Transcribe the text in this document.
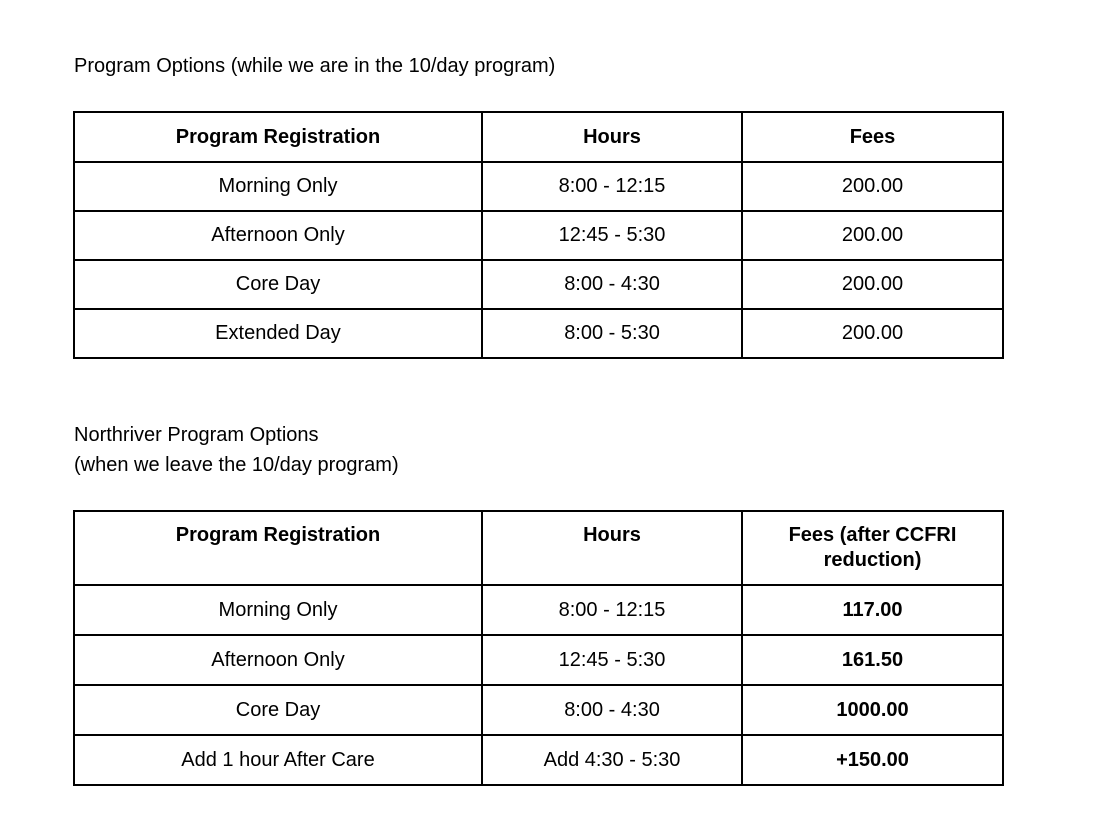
Program Options (while we are in the 10/day program)

Program Registration	Hours	Fees
Morning Only	8:00 - 12:15	200.00
Afternoon Only	12:45 - 5:30	200.00
Core Day	8:00 - 4:30	200.00
Extended Day	8:00 - 5:30	200.00

Northriver Program Options
(when we leave the 10/day program)

Program Registration	Hours	Fees (after CCFRI reduction)
Morning Only	8:00 - 12:15	117.00
Afternoon Only	12:45 - 5:30	161.50
Core Day	8:00 - 4:30	1000.00
Add 1 hour After Care	Add 4:30 - 5:30	+150.00
